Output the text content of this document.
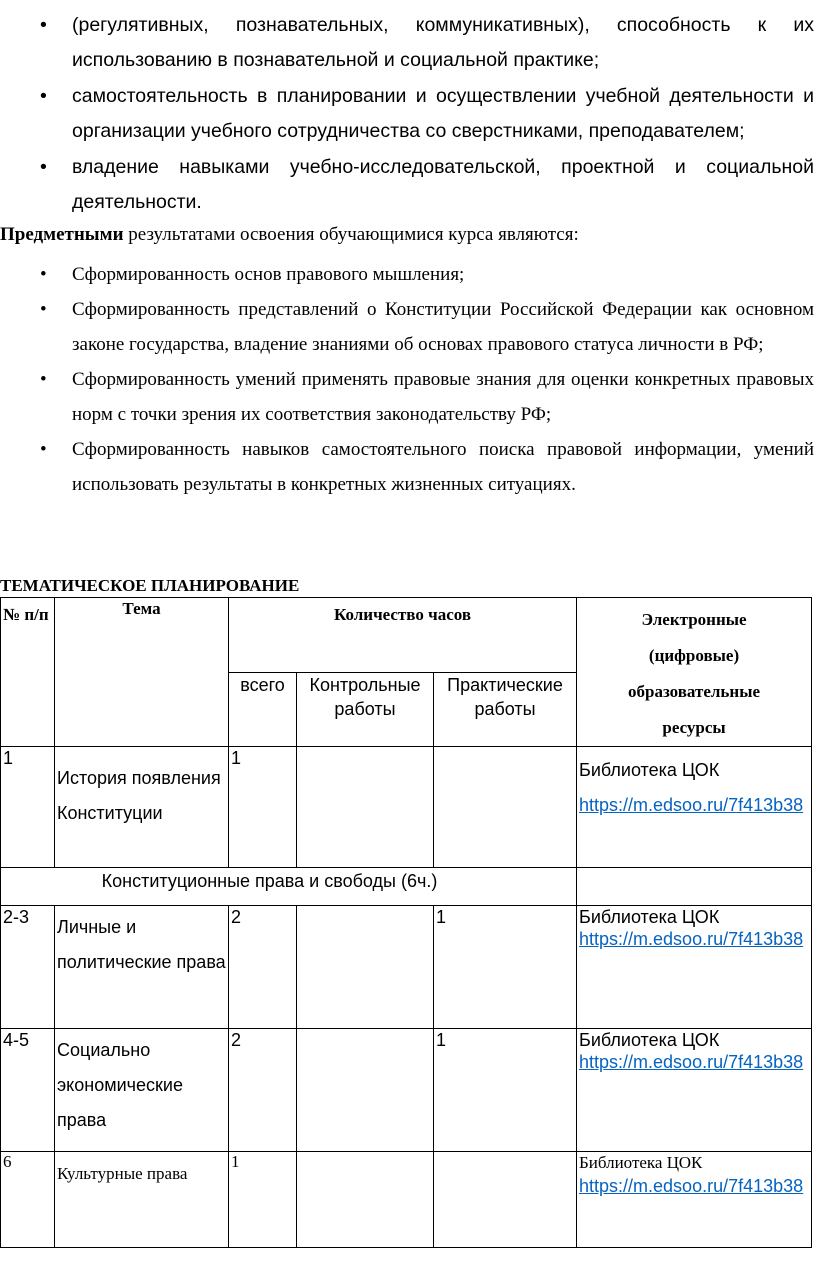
• (регулятивных, познавательных, коммуникативных), способность к их использованию в познавательной и социальной практике;
• самостоятельность в планировании и осуществлении учебной деятельности и организации учебного сотрудничества со сверстниками, преподавателем;
• владение навыками учебно-исследовательской, проектной и социальной деятельности.
Предметными результатами освоения обучающимися курса являются:
• Сформированность основ правового мышления;
• Сформированность представлений о Конституции Российской Федерации как основном законе государства, владение знаниями об основах правового статуса личности в РФ;
• Сформированность умений применять правовые знания для оценки конкретных правовых норм с точки зрения их соответствия законодательству РФ;
• Сформированность навыков самостоятельного поиска правовой информации, умений использовать результаты в конкретных жизненных ситуациях.
ТЕМАТИЧЕСКОЕ ПЛАНИРОВАНИЕ
№ п/п	Тема	Количество часов			Электронные (цифровые) образовательные ресурсы
		всего	Контрольные работы	Практические работы	
1	История появления Конституции	1			Библиотека ЦОК
https://m.edsoo.ru/7f413b38
Конституционные права и свободы (6ч.)					
2-3	Личные и политические права	2		1	Библиотека ЦОК
https://m.edsoo.ru/7f413b38
4-5	Социально экономические права	2		1	Библиотека ЦОК
https://m.edsoo.ru/7f413b38
6	Культурные права	1			Библиотека ЦОК
https://m.edsoo.ru/7f413b38
